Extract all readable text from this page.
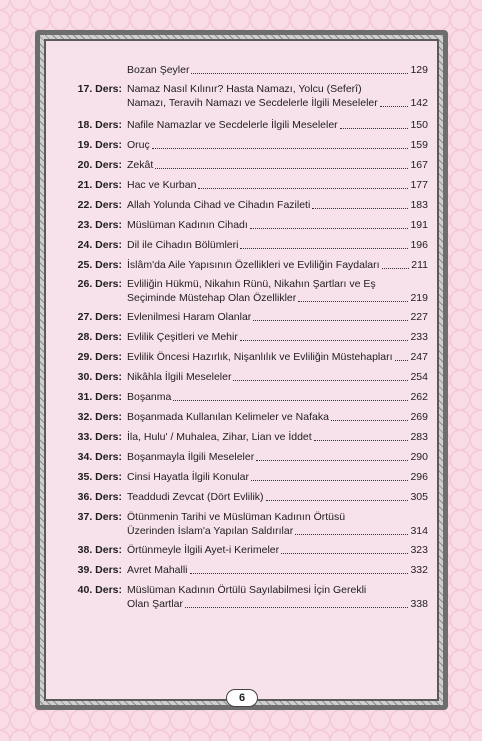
Bozan Şeyler	129
17. Ders: Namaz Nasıl Kılınır? Hasta Namazı, Yolcu (Seferî)
Namazı, Teravih Namazı ve Secdelerle İlgili Meseleler	142
18. Ders: Nafile Namazlar ve Secdelerle İlgili Meseleler	150
19. Ders: Oruç	159
20. Ders: Zekât	167
21. Ders: Hac ve Kurban	177
22. Ders: Allah Yolunda Cihad ve Cihadın Fazileti	183
23. Ders: Müslüman Kadının Cihadı	191
24. Ders: Dil ile Cihadın Bölümleri	196
25. Ders: İslâm'da Aile Yapısının Özellikleri ve Evliliğin Faydaları	211
26. Ders: Evliliğin Hükmü, Nikahın Rünü, Nikahın Şartları ve Eş
Seçiminde Müstehap Olan Özellikler	219
27. Ders: Evlenilmesi Haram Olanlar	227
28. Ders: Evlilik Çeşitleri ve Mehir	233
29. Ders: Evlilik Öncesi Hazırlık, Nişanlılık ve Evliliğin Müstehapları 247
30. Ders: Nikâhla İlgili Meseleler	254
31. Ders: Boşanma	262
32. Ders: Boşanmada Kullanılan Kelimeler ve Nafaka	269
33. Ders: İla, Hulu' / Muhalea, Zihar, Lian ve İddet	283
34. Ders: Boşanmayla İlgili Meseleler	290
35. Ders: Cinsi Hayatla İlgili Konular	296
36. Ders: Teaddudi Zevcat (Dört Evlilik)	305
37. Ders: Ötünmenin Tarihi ve Müslüman Kadının Örtüsü
Üzerinden İslam'a Yapılan Saldırılar	314
38. Ders: Örtünmeyle İlgili Ayet-i Kerimeler	323
39. Ders: Avret Mahalli	332
40. Ders: Müslüman Kadının Örtülü Sayılabilmesi İçin Gerekli
Olan Şartlar	338
6
